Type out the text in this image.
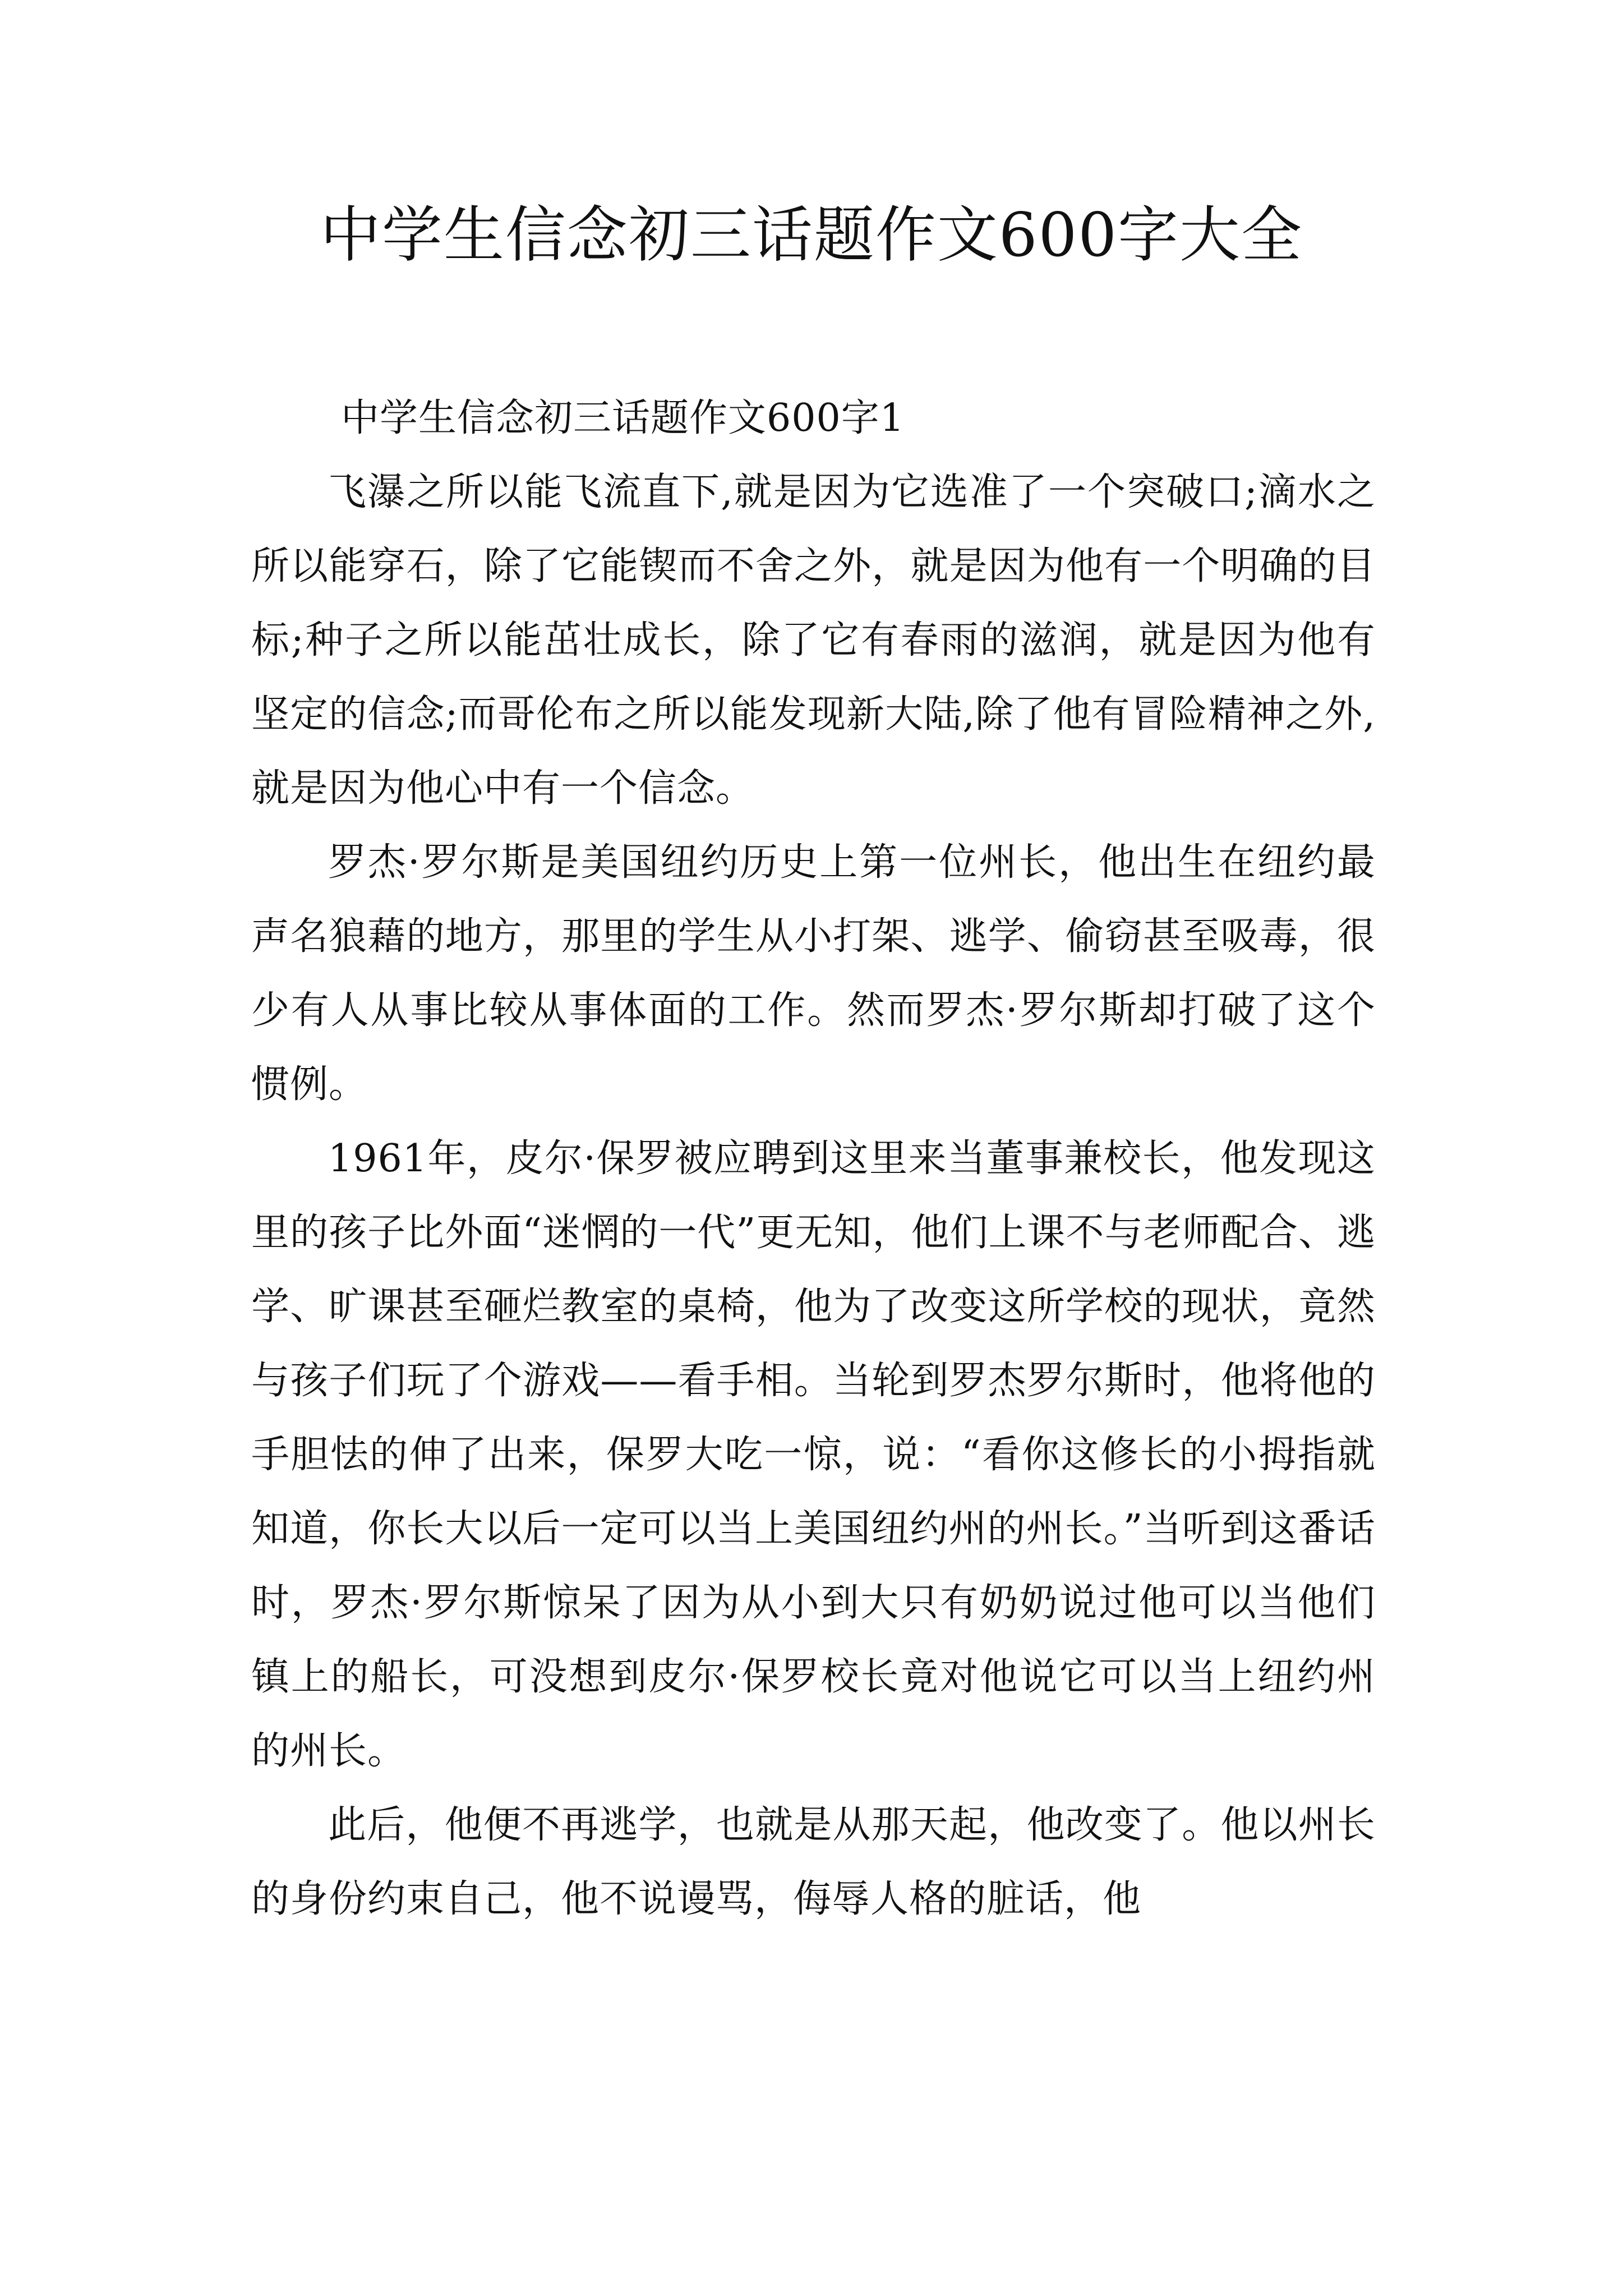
中学生信念初三话题作文600字大全

中学生信念初三话题作文600字1

飞瀑之所以能飞流直下,就是因为它选准了一个突破口;滴水之所以能穿石，除了它能锲而不舍之外，就是因为他有一个明确的目标;种子之所以能茁壮成长，除了它有春雨的滋润，就是因为他有坚定的信念;而哥伦布之所以能发现新大陆,除了他有冒险精神之外,就是因为他心中有一个信念。

罗杰·罗尔斯是美国纽约历史上第一位州长，他出生在纽约最声名狼藉的地方，那里的学生从小打架、逃学、偷窃甚至吸毒，很少有人从事比较从事体面的工作。然而罗杰·罗尔斯却打破了这个惯例。

1961年，皮尔·保罗被应聘到这里来当董事兼校长，他发现这里的孩子比外面“迷惘的一代”更无知，他们上课不与老师配合、逃学、旷课甚至砸烂教室的桌椅，他为了改变这所学校的现状，竟然与孩子们玩了个游戏——看手相。当轮到罗杰罗尔斯时，他将他的手胆怯的伸了出来，保罗大吃一惊，说：“看你这修长的小拇指就知道，你长大以后一定可以当上美国纽约州的州长。”当听到这番话时，罗杰·罗尔斯惊呆了因为从小到大只有奶奶说过他可以当他们镇上的船长，可没想到皮尔·保罗校长竟对他说它可以当上纽约州的州长。

此后，他便不再逃学，也就是从那天起，他改变了。他以州长的身份约束自己，他不说谩骂，侮辱人格的脏话，他
